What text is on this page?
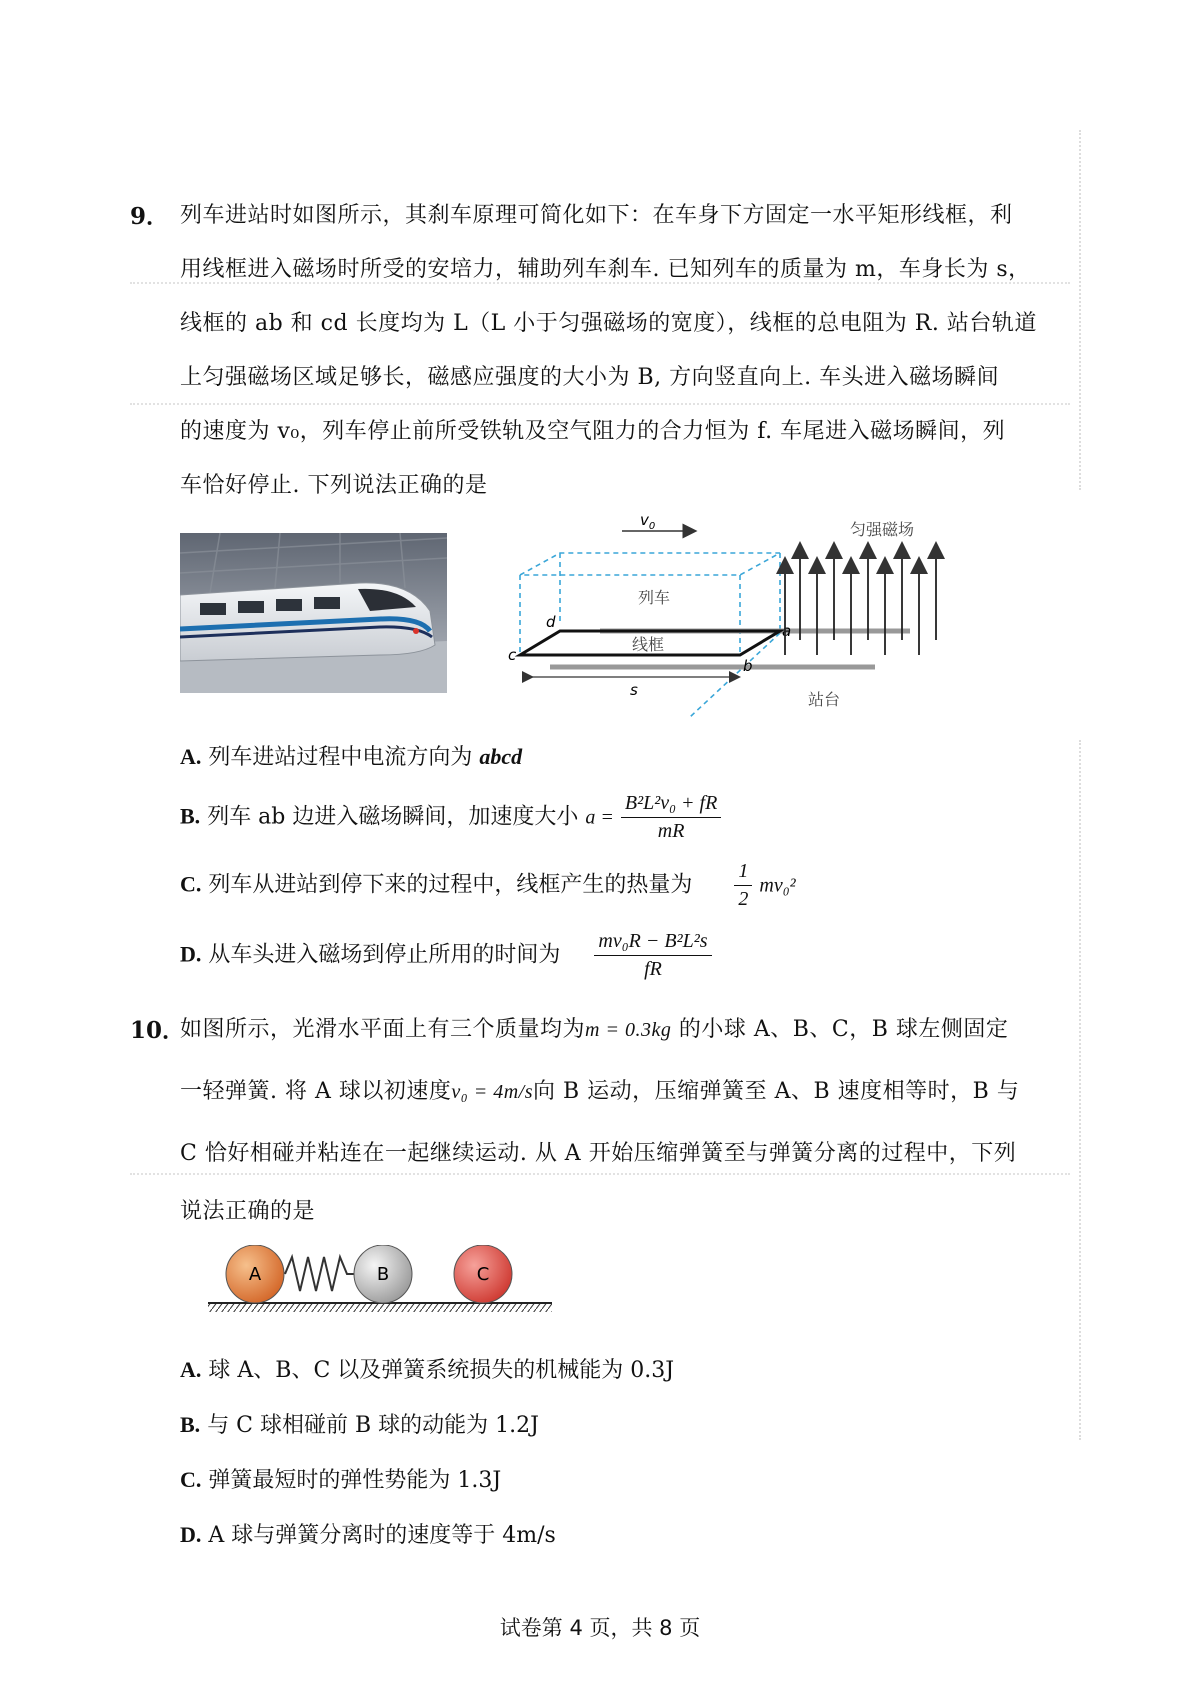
9． 列车进站时如图所示，其刹车原理可简化如下：在车身下方固定一水平矩形线框，利
用线框进入磁场时所受的安培力，辅助列车刹车. 已知列车的质量为 m，车身长为 s，
线框的 ab 和 cd 长度均为 L（L 小于匀强磁场的宽度），线框的总电阻为 R. 站台轨道
上匀强磁场区域足够长，磁感应强度的大小为 B, 方向竖直向上. 车头进入磁场瞬间
的速度为 v₀，列车停止前所受铁轨及空气阻力的合力恒为 f. 车尾进入磁场瞬间，列
车恰好停止. 下列说法正确的是
$v_0$
列车
线框
d
c
a
b
s
匀强磁场
站台
A. 列车进站过程中电流方向为 abcd
B. 列车 ab 边进入磁场瞬间，加速度大小 $a = \frac{\text{B²L²v₀ + fR}}{mR}$
C. 列车从进站到停下来的过程中，线框产生的热量为 $\frac{1}{2} mv_0^2$
D. 从车头进入磁场到停止所用的时间为 $\frac{\text{mv₀R − B²L²s}}{fR}$
10．
如图所示，光滑水平面上有三个质量均为m = 0.3kg 的小球 A、B、C，B 球左侧固定
一轻弹簧. 将 A 球以初速度v₀ = 4m/s向 B 运动，压缩弹簧至 A、B 速度相等时，B 与
C 恰好相碰并粘连在一起继续运动. 从 A 开始压缩弹簧至与弹簧分离的过程中，下列
说法正确的是
A	B	C
A. 球 A、B、C 以及弹簧系统损失的机械能为 0.3J
B. 与 C 球相碰前 B 球的动能为 1.2J
C. 弹簧最短时的弹性势能为 1.3J
D. A 球与弹簧分离时的速度等于 4m/s
试卷第 4 页，共 8 页
